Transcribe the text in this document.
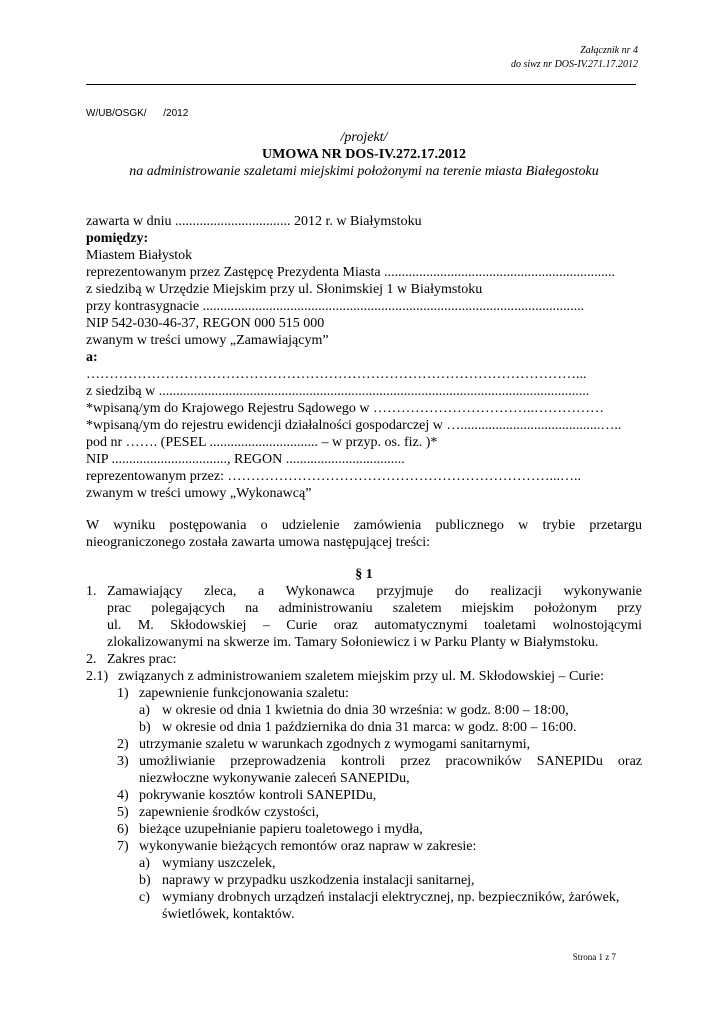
Załącznik nr 4
do siwz nr DOS-IV.271.17.2012
W/UB/OSGK/      /2012
/projekt/
UMOWA NR DOS-IV.272.17.2012
na administrowanie szaletami miejskimi położonymi na terenie miasta Białegostoku
zawarta w dniu ................................. 2012 r. w Białymstoku
pomiędzy:
Miastem Białystok
reprezentowanym przez Zastępcę Prezydenta Miasta ..................................................................
z siedzibą w Urzędzie Miejskim przy ul. Słonimskiej 1 w Białymstoku
przy kontrasygnacie .............................................................................................................
NIP 542-030-46-37, REGON 000 515 000
zwanym w treści umowy „Zamawiającym”
a:
……………………………………………………………………………………………...
z siedzibą w ...........................................................................................................................
*wpisaną/ym do Krajowego Rejestru Sądowego w ……………………………..……………
*wpisaną/ym do rejestru ewidencji działalności gospodarczej w …........................................…..
pod nr ……. (PESEL ............................... – w przyp. os. fiz. )*
NIP ................................., REGON ..................................
reprezentowanym przez: ……………………………………………………………...…..
zwanym w treści umowy „Wykonawcą”
W wyniku postępowania o udzielenie zamówienia publicznego w trybie przetargu
nieograniczonego została zawarta umowa następującej treści:
§ 1
1. Zamawiający zleca, a Wykonawca przyjmuje do realizacji wykonywanie
prac polegających na administrowaniu szaletem miejskim położonym przy
ul. M. Skłodowskiej – Curie oraz automatycznymi toaletami wolnostojącymi
zlokalizowanymi na skwerze im. Tamary Sołoniewicz i w Parku Planty w Białymstoku.
2. Zakres prac:
2.1) związanych z administrowaniem szaletem miejskim przy ul. M. Skłodowskiej – Curie:
1) zapewnienie funkcjonowania szaletu:
a) w okresie od dnia 1 kwietnia do dnia 30 września: w godz. 8:00 – 18:00,
b) w okresie od dnia 1 października do dnia 31 marca: w godz. 8:00 – 16:00.
2) utrzymanie szaletu w warunkach zgodnych z wymogami sanitarnymi,
3) umożliwianie przeprowadzenia kontroli przez pracowników SANEPIDu oraz
niezwłoczne wykonywanie zaleceń SANEPIDu,
4) pokrywanie kosztów kontroli SANEPIDu,
5) zapewnienie środków czystości,
6) bieżące uzupełnianie papieru toaletowego i mydła,
7) wykonywanie bieżących remontów oraz napraw w zakresie:
a) wymiany uszczelek,
b) naprawy w przypadku uszkodzenia instalacji sanitarnej,
c) wymiany drobnych urządzeń instalacji elektrycznej, np. bezpieczników, żarówek,
świetlówek, kontaktów.
Strona 1 z 7
